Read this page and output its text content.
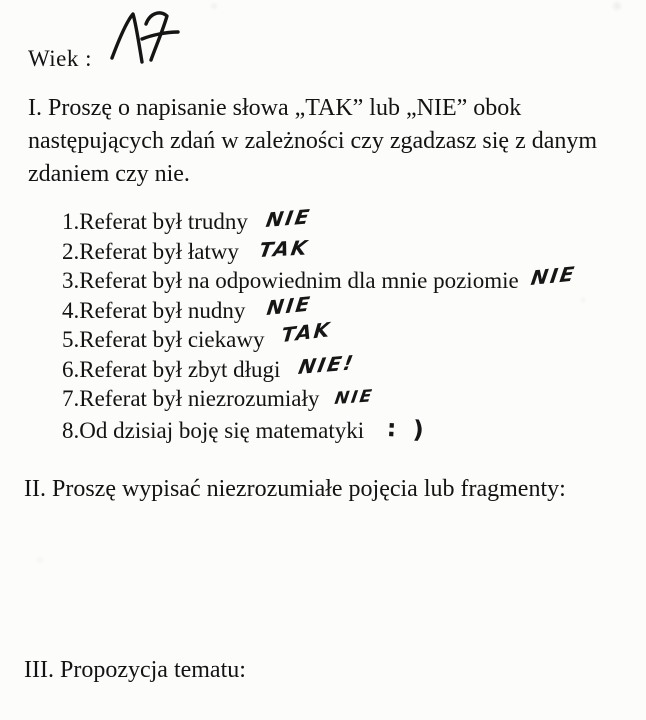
Wiek :
I. Proszę o napisanie słowa „TAK” lub „NIE” obok
następujących zdań w zależności czy zgadzasz się z danym
zdaniem czy nie.
1.Referat był trudny NIE
2.Referat był łatwy TAK
3.Referat był na odpowiednim dla mnie poziomie NIE
4.Referat był nudny NIE
5.Referat był ciekawy TAK
6.Referat był zbyt długi NIE!
7.Referat był niezrozumiały NIE
8.Od dzisiaj boję się matematyki : )
II. Proszę wypisać niezrozumiałe pojęcia lub fragmenty:
III. Propozycja tematu:
